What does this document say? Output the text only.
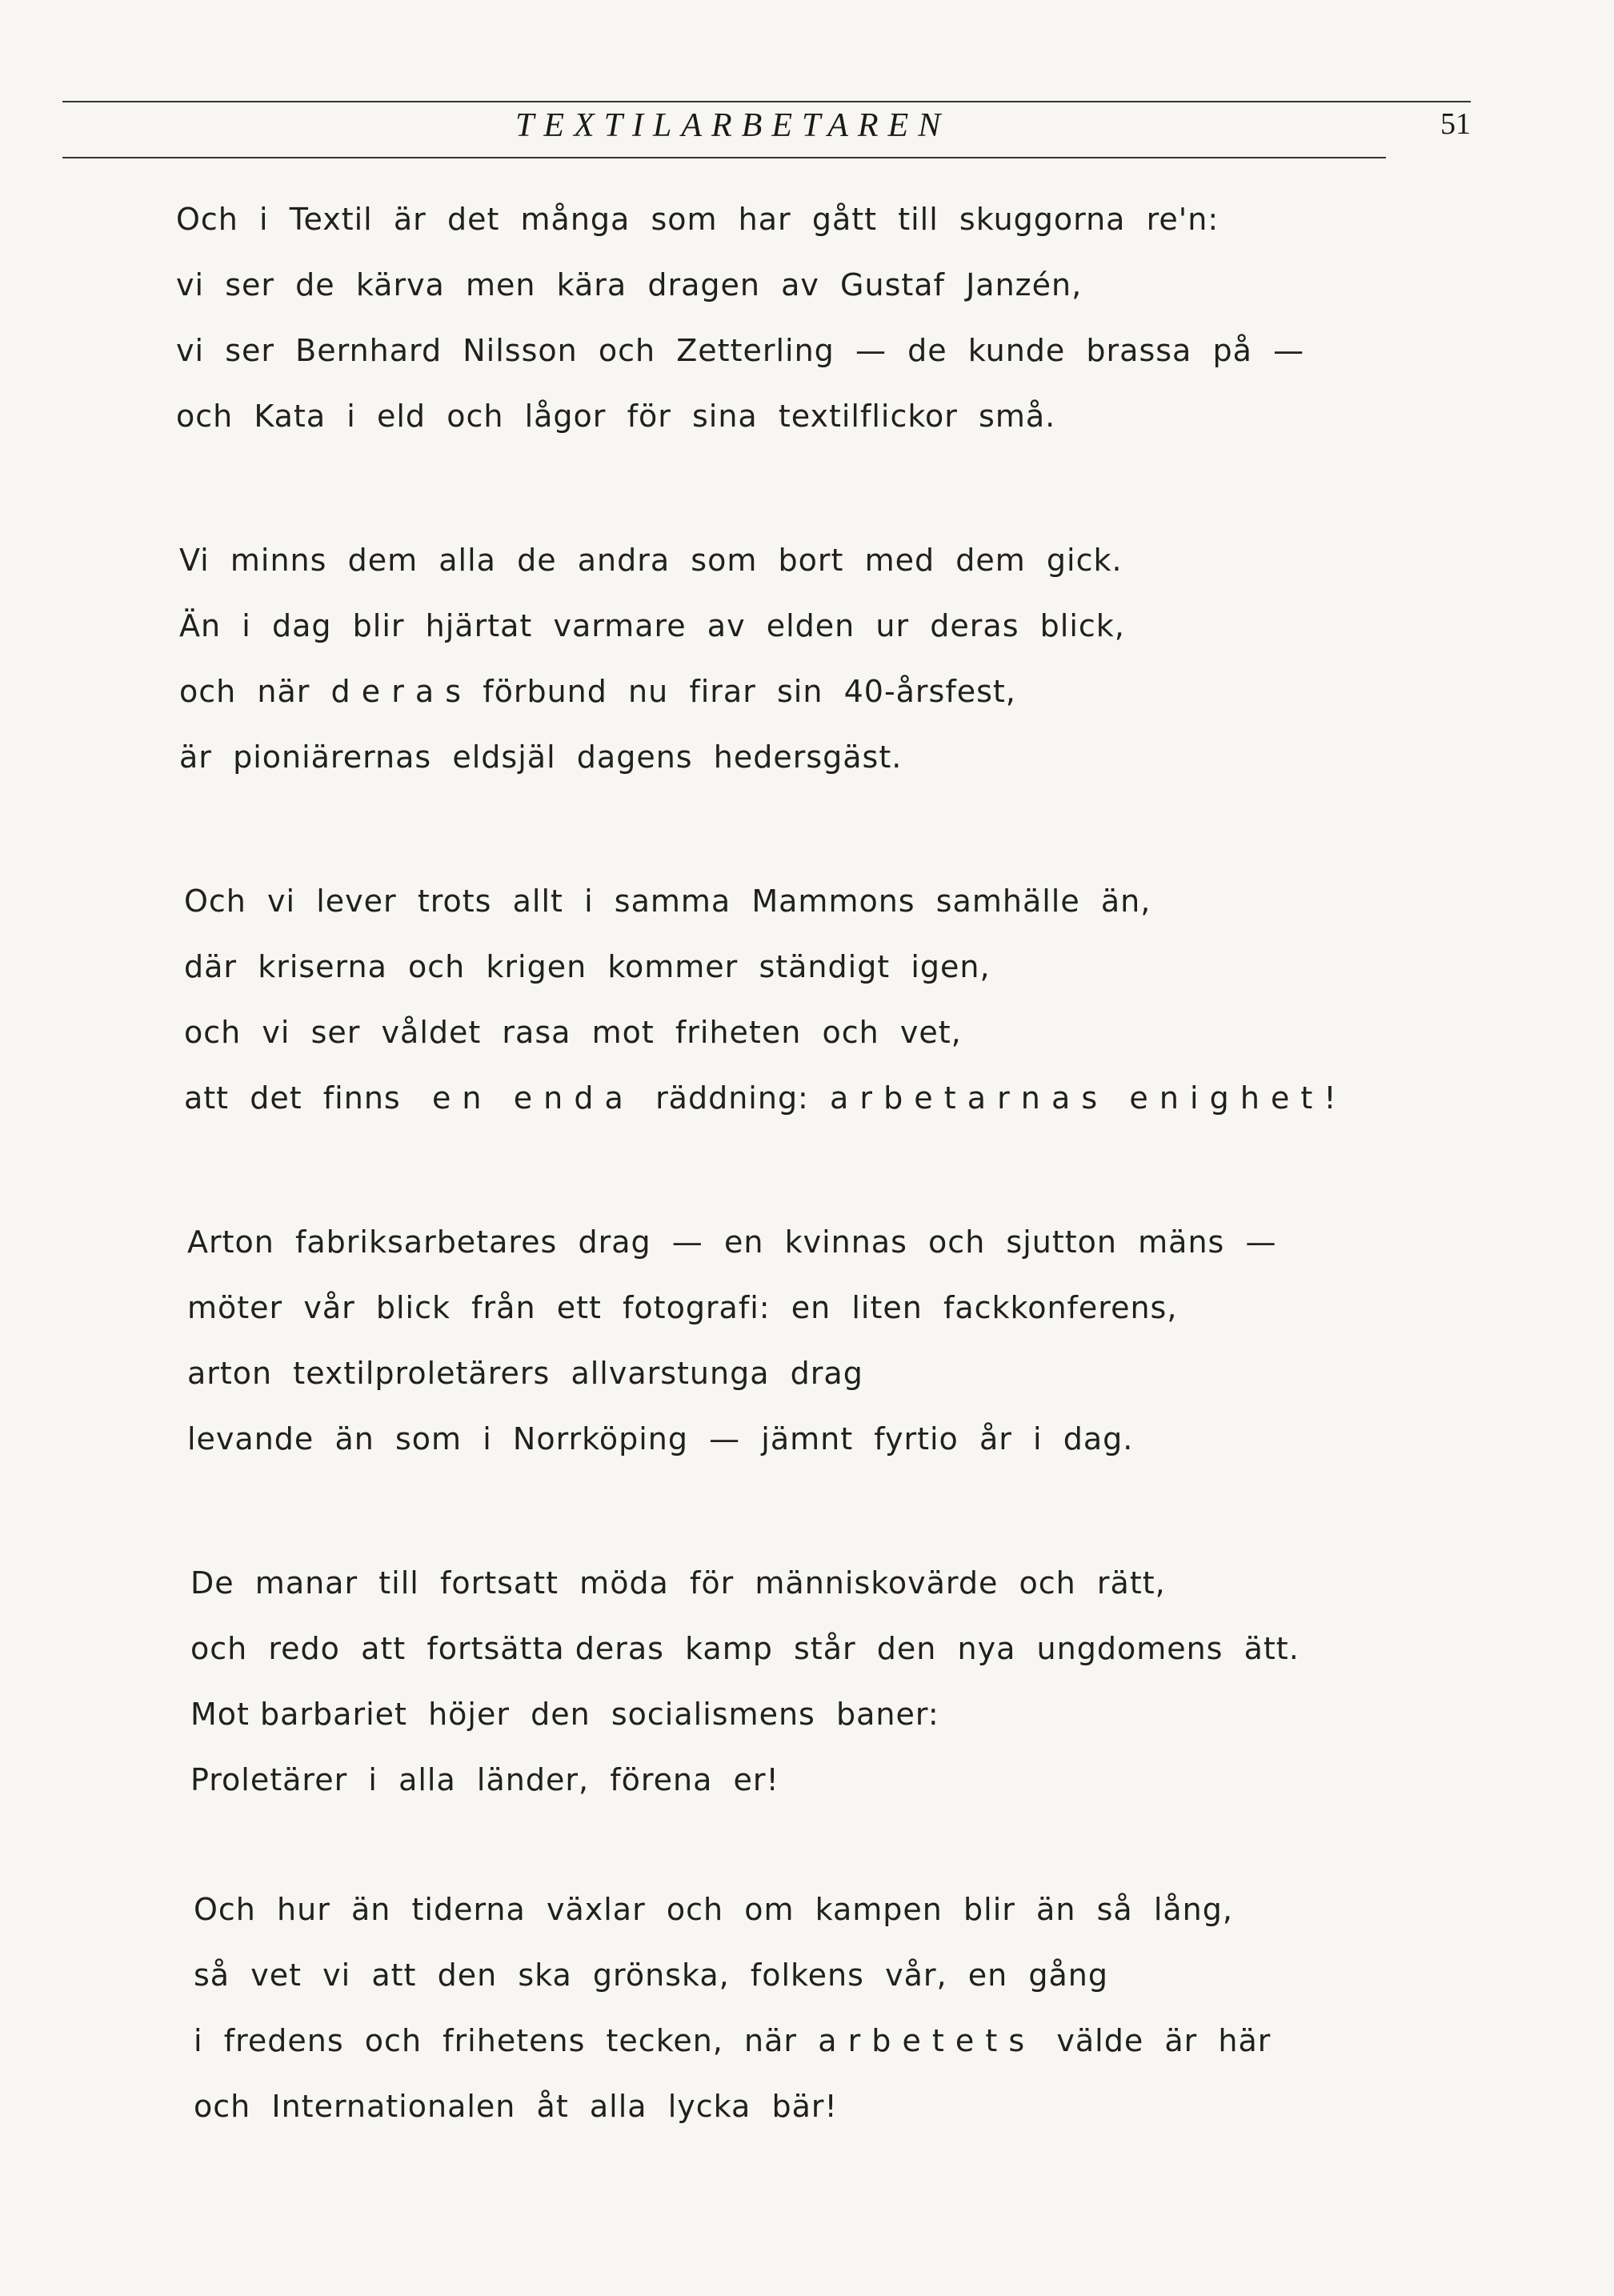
TEXTILARBETAREN	51
Och  i  Textil  är  det  många  som  har  gått  till  skuggorna  re'n:
vi  ser  de  kärva  men  kära  dragen  av  Gustaf  Janzén,
vi  ser  Bernhard  Nilsson  och  Zetterling  —  de  kunde  brassa  på  —
och  Kata  i  eld  och  lågor  för  sina  textilflickor  små.
Vi  minns  dem  alla  de  andra  som  bort  med  dem  gick.
Än  i  dag  blir  hjärtat  varmare  av  elden  ur  deras  blick,
och  när  d e r a s  förbund  nu  firar  sin  40-årsfest,
är  pioniärernas  eldsjäl  dagens  hedersgäst.
Och  vi  lever  trots  allt  i  samma  Mammons  samhälle  än,
där  kriserna  och  krigen  kommer  ständigt  igen,
och  vi  ser  våldet  rasa  mot  friheten  och  vet,
att  det  finns   e n   e n d a   räddning:  a r b e t a r n a s   e n i g h e t !
Arton  fabriksarbetares  drag  —  en  kvinnas  och  sjutton  mäns  —
möter  vår  blick  från  ett  fotografi:  en  liten  fackkonferens,
arton  textilproletärers  allvarstunga  drag
levande  än  som  i  Norrköping  —  jämnt  fyrtio  år  i  dag.
De  manar  till  fortsatt  möda  för  människovärde  och  rätt,
och  redo  att  fortsätta deras  kamp  står  den  nya  ungdomens  ätt.
Mot barbariet  höjer  den  socialismens  baner:
Proletärer  i  alla  länder,  förena  er!
Och  hur  än  tiderna  växlar  och  om  kampen  blir  än  så  lång,
så  vet  vi  att  den  ska  grönska,  folkens  vår,  en  gång
i  fredens  och  frihetens  tecken,  när  a r b e t e t s   välde  är  här
och  Internationalen  åt  alla  lycka  bär!
